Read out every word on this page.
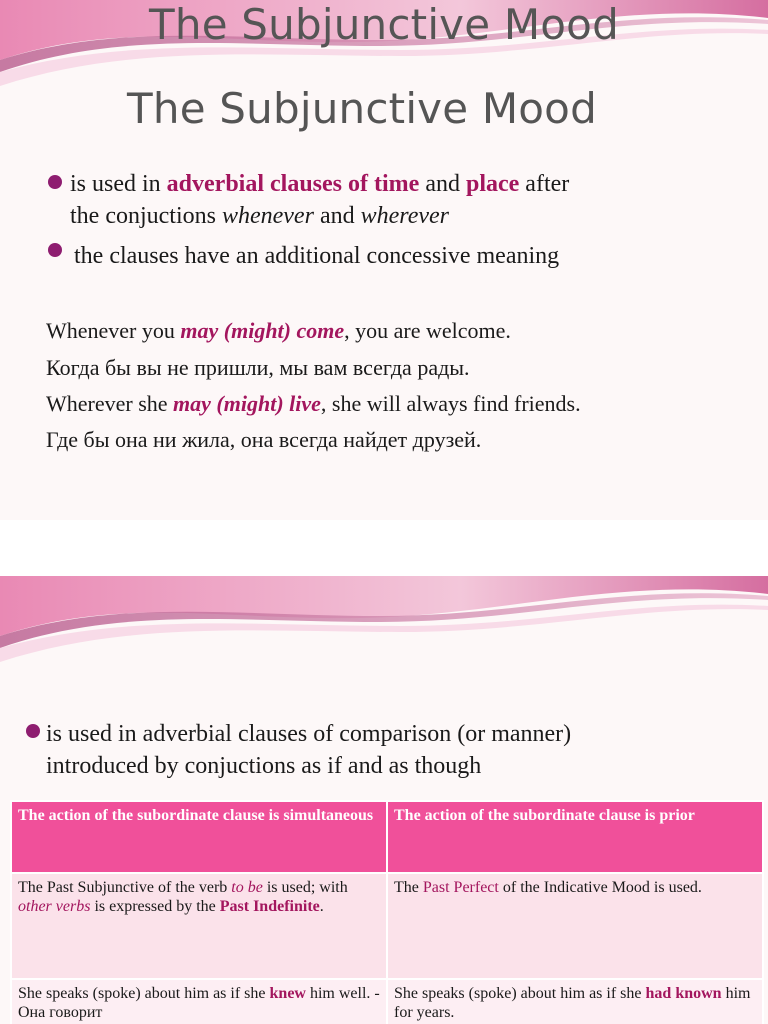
The Subjunctive Mood
is used in adverbial clauses of time and place after
the conjuctions whenever and wherever
the clauses have an additional concessive meaning
Whenever you may (might) come, you are welcome.
Когда бы вы не пришли, мы вам всегда рады.
Wherever she may (might) live, she will always find friends.
Где бы она ни жила, она всегда найдет друзей.
is used in adverbial clauses of comparison (or manner)
introduced by conjuctions as if and as though
The action of the subordinate clause is simultaneous	The action of the subordinate clause is prior
The Past Subjunctive of the verb to be is used; with other verbs is expressed by the Past Indefinite.	The Past Perfect of the Indicative Mood is used.
She speaks (spoke) about him as if she knew him well. - Она говорит	She speaks (spoke) about him as if she had known him for years.
The Subjunctive Mood
